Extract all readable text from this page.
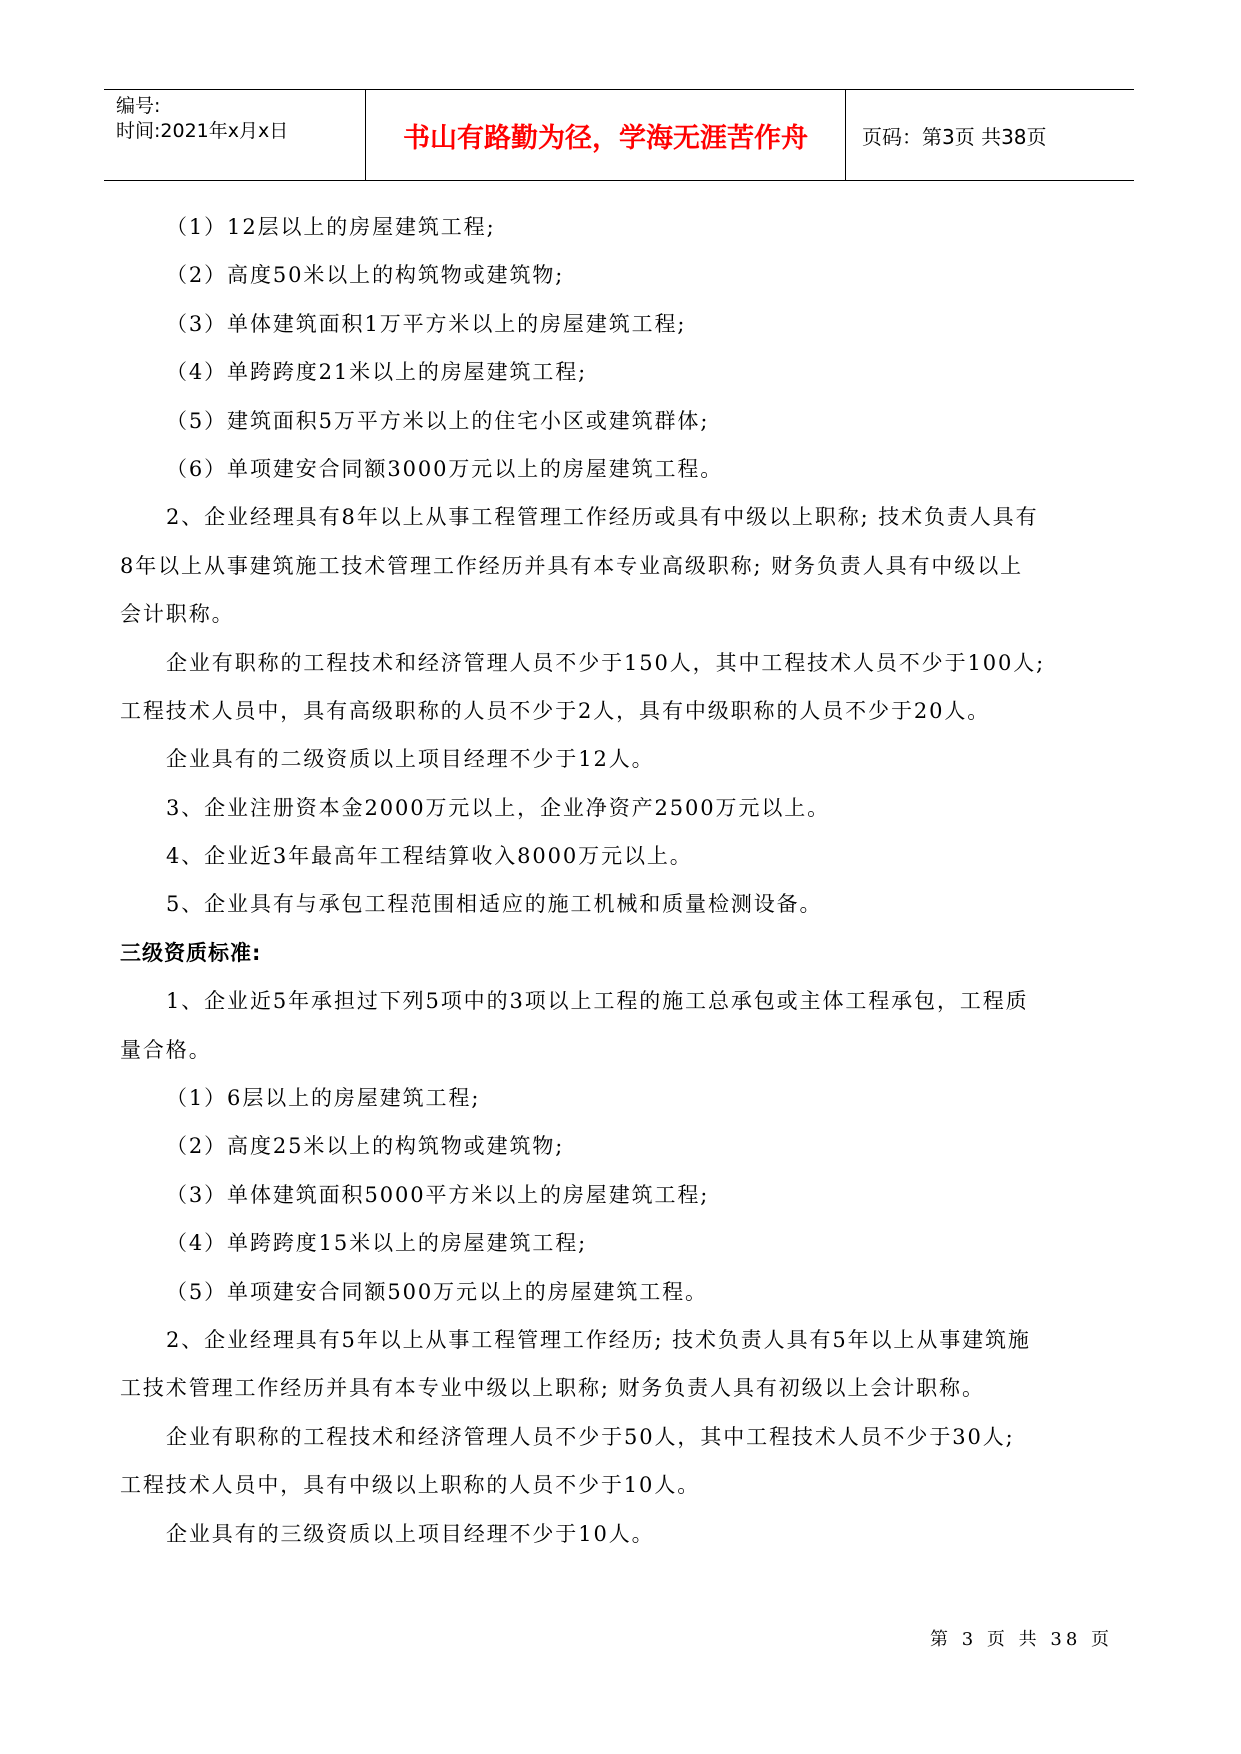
编号:
时间:2021年x月x日	书山有路勤为径，学海无涯苦作舟	页码：第3页 共38页
（1）12层以上的房屋建筑工程;
（2）高度50米以上的构筑物或建筑物;
（3）单体建筑面积1万平方米以上的房屋建筑工程;
（4）单跨跨度21米以上的房屋建筑工程;
（5）建筑面积5万平方米以上的住宅小区或建筑群体;
（6）单项建安合同额3000万元以上的房屋建筑工程。
2、企业经理具有8年以上从事工程管理工作经历或具有中级以上职称; 技术负责人具有
8年以上从事建筑施工技术管理工作经历并具有本专业高级职称; 财务负责人具有中级以上
会计职称。
企业有职称的工程技术和经济管理人员不少于150人，其中工程技术人员不少于100人;
工程技术人员中，具有高级职称的人员不少于2人，具有中级职称的人员不少于20人。
企业具有的二级资质以上项目经理不少于12人。
3、企业注册资本金2000万元以上，企业净资产2500万元以上。
4、企业近3年最高年工程结算收入8000万元以上。
5、企业具有与承包工程范围相适应的施工机械和质量检测设备。
三级资质标准:
1、企业近5年承担过下列5项中的3项以上工程的施工总承包或主体工程承包，工程质
量合格。
（1）6层以上的房屋建筑工程;
（2）高度25米以上的构筑物或建筑物;
（3）单体建筑面积5000平方米以上的房屋建筑工程;
（4）单跨跨度15米以上的房屋建筑工程;
（5）单项建安合同额500万元以上的房屋建筑工程。
2、企业经理具有5年以上从事工程管理工作经历; 技术负责人具有5年以上从事建筑施
工技术管理工作经历并具有本专业中级以上职称; 财务负责人具有初级以上会计职称。
企业有职称的工程技术和经济管理人员不少于50人，其中工程技术人员不少于30人;
工程技术人员中，具有中级以上职称的人员不少于10人。
企业具有的三级资质以上项目经理不少于10人。
第 3 页 共 38 页
